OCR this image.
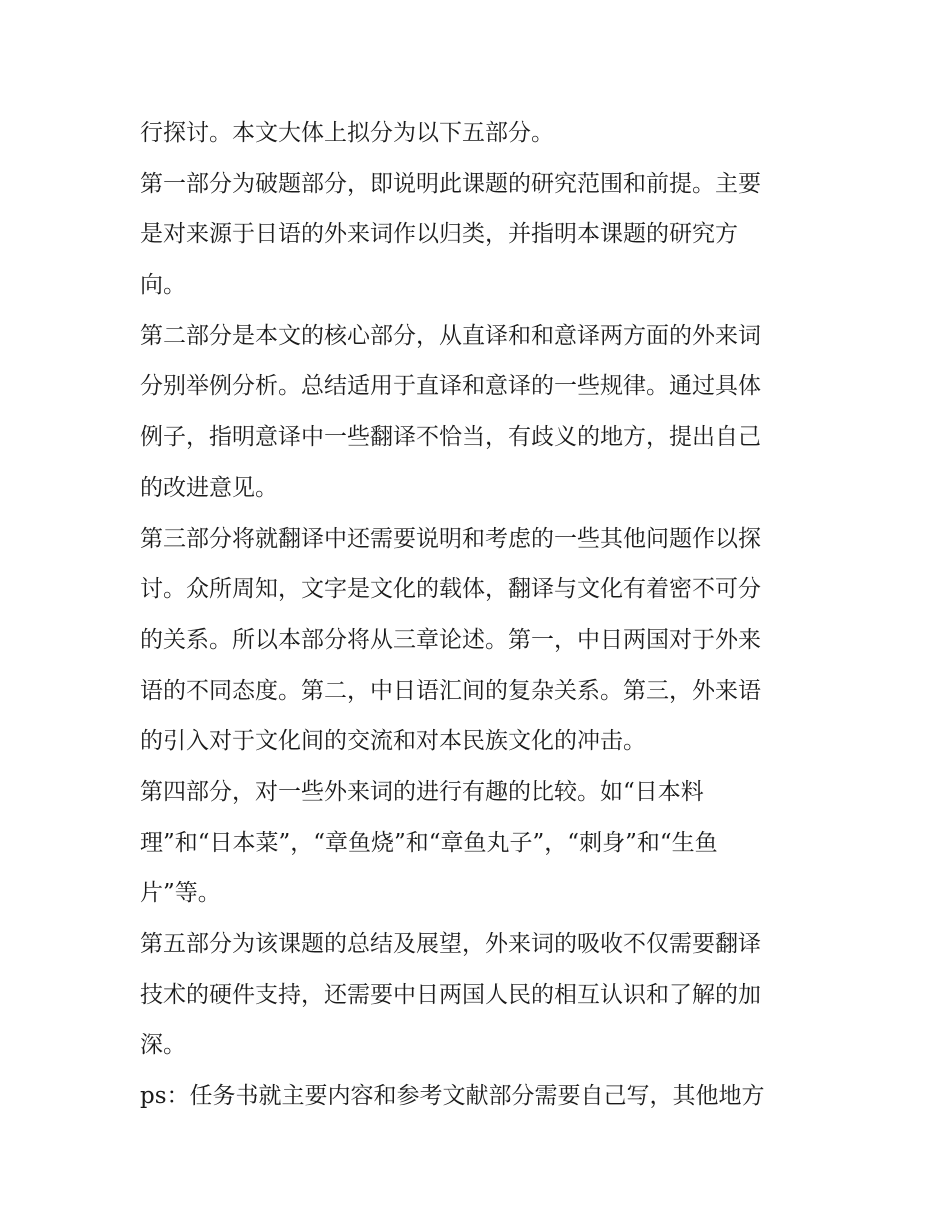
行探讨。本文大体上拟分为以下五部分。
第一部分为破题部分，即说明此课题的研究范围和前提。主要
是对来源于日语的外来词作以归类，并指明本课题的研究方
向。
第二部分是本文的核心部分，从直译和和意译两方面的外来词
分别举例分析。总结适用于直译和意译的一些规律。通过具体
例子，指明意译中一些翻译不恰当，有歧义的地方，提出自己
的改进意见。
第三部分将就翻译中还需要说明和考虑的一些其他问题作以探
讨。众所周知，文字是文化的载体，翻译与文化有着密不可分
的关系。所以本部分将从三章论述。第一，中日两国对于外来
语的不同态度。第二，中日语汇间的复杂关系。第三，外来语
的引入对于文化间的交流和对本民族文化的冲击。
第四部分，对一些外来词的进行有趣的比较。如“日本料
理”和“日本菜”，“章鱼烧”和“章鱼丸子”，“刺身”和“生鱼
片”等。
第五部分为该课题的总结及展望，外来词的吸收不仅需要翻译
技术的硬件支持，还需要中日两国人民的相互认识和了解的加
深。
ps：任务书就主要内容和参考文献部分需要自己写，其他地方
